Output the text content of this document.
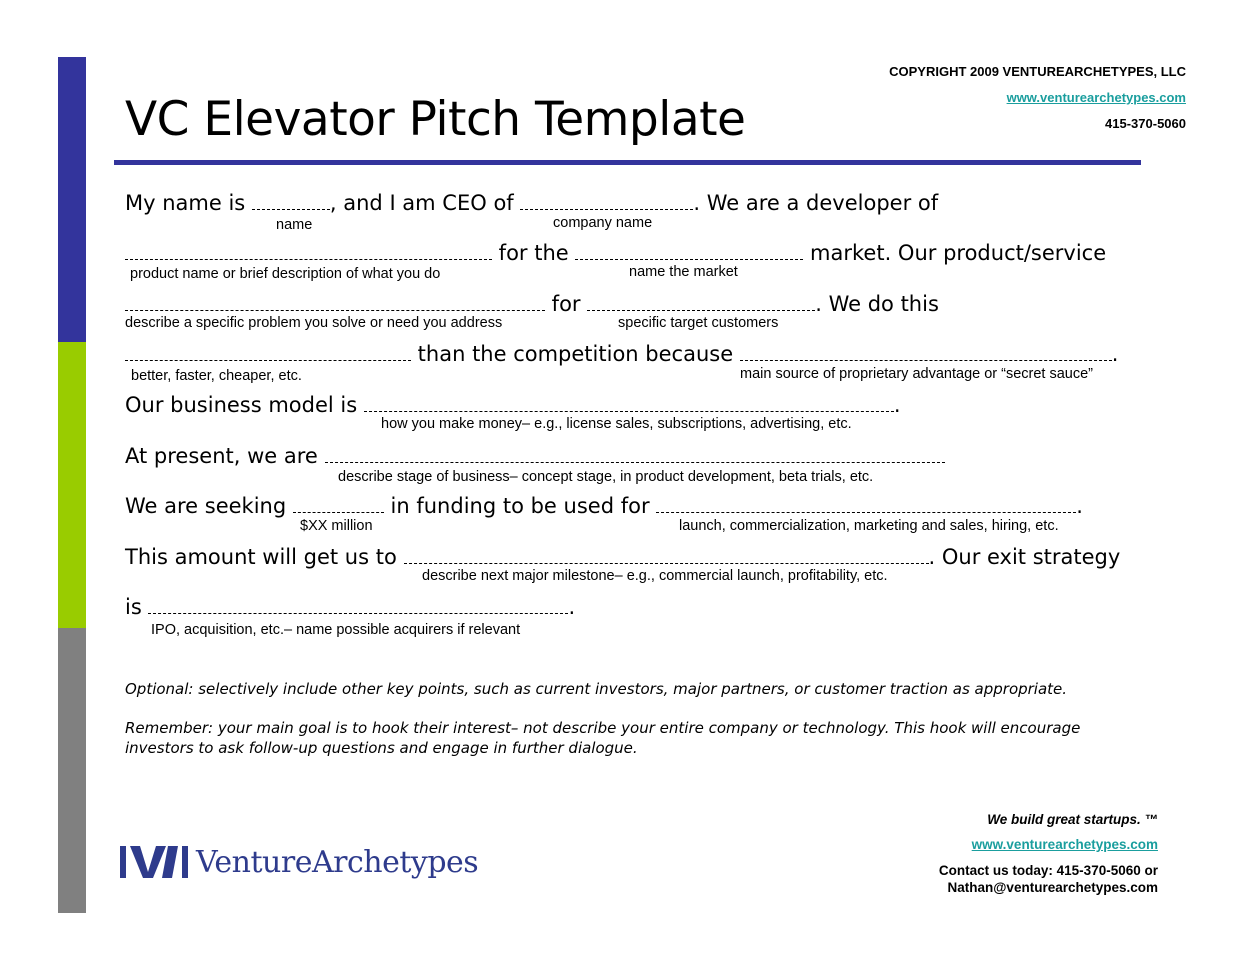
COPYRIGHT 2009 VENTUREARCHETYPES, LLC
www.venturearchetypes.com
415-370-5060
VC Elevator Pitch Template
My name is	, and I am CEO of	. We are a developer of
name	company name
for the	market. Our product/service
product name or brief description of what you do	name the market
for	. We do this
describe a specific problem you solve or need you address	specific target customers
than the competition because	.
better, faster, cheaper, etc.	main source of proprietary advantage or “secret sauce”
Our business model is	.
how you make money– e.g., license sales, subscriptions, advertising, etc.
At present, we are
describe stage of business– concept stage, in product development, beta trials, etc.
We are seeking	in funding to be used for	.
$XX million	launch, commercialization, marketing and sales, hiring, etc.
This amount will get us to	. Our exit strategy
describe next major milestone– e.g., commercial launch, profitability, etc.
is	.
IPO, acquisition, etc.– name possible acquirers if relevant
Optional: selectively include other key points, such as current investors, major partners, or customer traction as appropriate.
Remember: your main goal is to hook their interest– not describe your entire company or technology. This hook will encourage
investors to ask follow-up questions and engage in further dialogue.
VentureArchetypes
We build great startups. ™
www.venturearchetypes.com
Contact us today: 415-370-5060 or
Nathan@venturearchetypes.com
